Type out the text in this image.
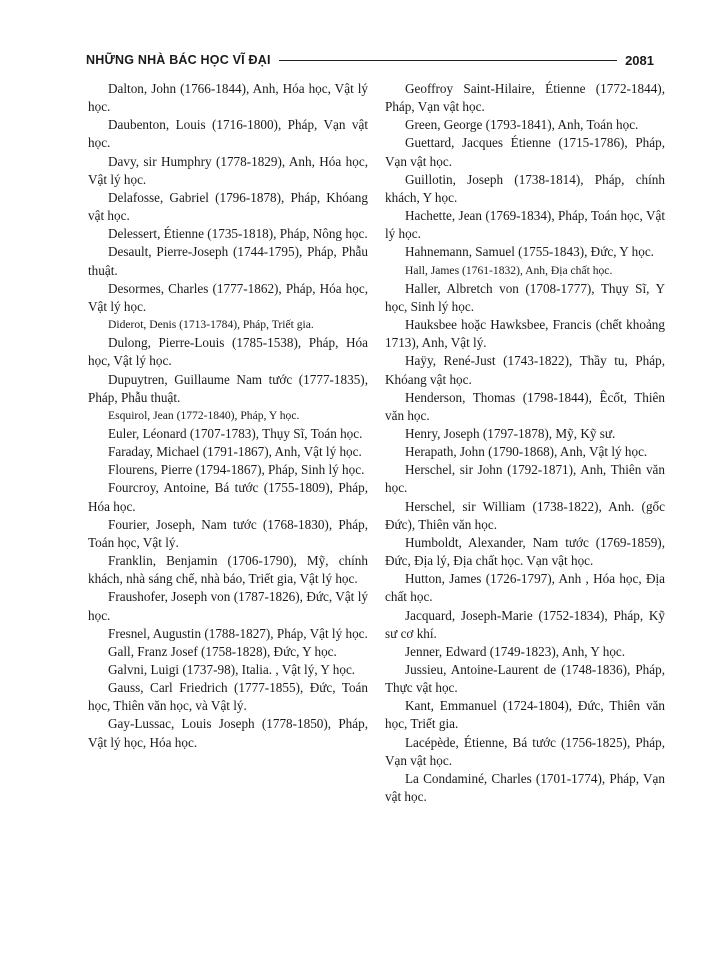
NHỮNG NHÀ BÁC HỌC VĨ ĐẠI	2081

Dalton, John (1766-1844), Anh, Hóa học, Vật lý học.

Daubenton, Louis (1716-1800), Pháp, Vạn vật học.

Davy, sir Humphry (1778-1829), Anh, Hóa học, Vật lý học.

Delafosse, Gabriel (1796-1878), Pháp, Khóang vật học.

Delessert, Étienne (1735-1818), Pháp, Nông học.

Desault, Pierre-Joseph (1744-1795), Pháp, Phẫu thuật.

Desormes, Charles (1777-1862), Pháp, Hóa học, Vật lý học.

Diderot, Denis (1713-1784), Pháp, Triết gia.

Dulong, Pierre-Louis (1785-1538), Pháp, Hóa học, Vật lý học.

Dupuytren, Guillaume Nam tước (1777-1835), Pháp, Phẫu thuật.

Esquirol, Jean (1772-1840), Pháp, Y học.

Euler, Léonard (1707-1783), Thụy Sĩ, Toán học.

Faraday, Michael (1791-1867), Anh, Vật lý học.

Flourens, Pierre (1794-1867), Pháp, Sinh lý học.

Fourcroy, Antoine, Bá tước (1755-1809), Pháp, Hóa học.

Fourier, Joseph, Nam tước (1768-1830), Pháp, Toán học, Vật lý.

Franklin, Benjamin (1706-1790), Mỹ, chính khách, nhà sáng chế, nhà báo, Triết gia, Vật lý học.

Fraushofer, Joseph von (1787-1826), Đức, Vật lý học.

Fresnel, Augustin (1788-1827), Pháp, Vật lý học.

Gall, Franz Josef (1758-1828), Đức, Y học.

Galvni, Luigi (1737-98), Italia. , Vật lý, Y học.

Gauss, Carl Friedrich (1777-1855), Đức, Toán học, Thiên văn học, và Vật lý.

Gay-Lussac, Louis Joseph (1778-1850), Pháp, Vật lý học, Hóa học.

Geoffroy Saint-Hilaire, Étienne (1772-1844), Pháp, Vạn vật học.

Green, George (1793-1841), Anh, Toán học.

Guettard, Jacques Étienne (1715-1786), Pháp, Vạn vật học.

Guillotin, Joseph (1738-1814), Pháp, chính khách, Y học.

Hachette, Jean (1769-1834), Pháp, Toán học, Vật lý học.

Hahnemann, Samuel (1755-1843), Đức, Y học.

Hall, James (1761-1832), Anh, Địa chất học.

Haller, Albretch von (1708-1777), Thụy Sĩ, Y học, Sinh lý học.

Hauksbee hoặc Hawksbee, Francis (chết khoảng 1713), Anh, Vật lý.

Haÿy, René-Just (1743-1822), Thầy tu, Pháp, Khóang vật học.

Henderson, Thomas (1798-1844), Êcốt, Thiên văn học.

Henry, Joseph (1797-1878), Mỹ, Kỹ sư.

Herapath, John (1790-1868), Anh, Vật lý học.

Herschel, sir John (1792-1871), Anh, Thiên văn học.

Herschel, sir William (1738-1822), Anh. (gốc Đức), Thiên văn học.

Humboldt, Alexander, Nam tước (1769-1859), Đức, Địa lý, Địa chất học. Vạn vật học.

Hutton, James (1726-1797), Anh , Hóa học, Địa chất học.

Jacquard, Joseph-Marie (1752-1834), Pháp, Kỹ sư cơ khí.

Jenner, Edward (1749-1823), Anh, Y học.

Jussieu, Antoine-Laurent de (1748-1836), Pháp, Thực vật học.

Kant, Emmanuel (1724-1804), Đức, Thiên văn học, Triết gia.

Lacépède, Étienne, Bá tước (1756-1825), Pháp, Vạn vật học.

La Condaminé, Charles (1701-1774), Pháp, Vạn vật học.
